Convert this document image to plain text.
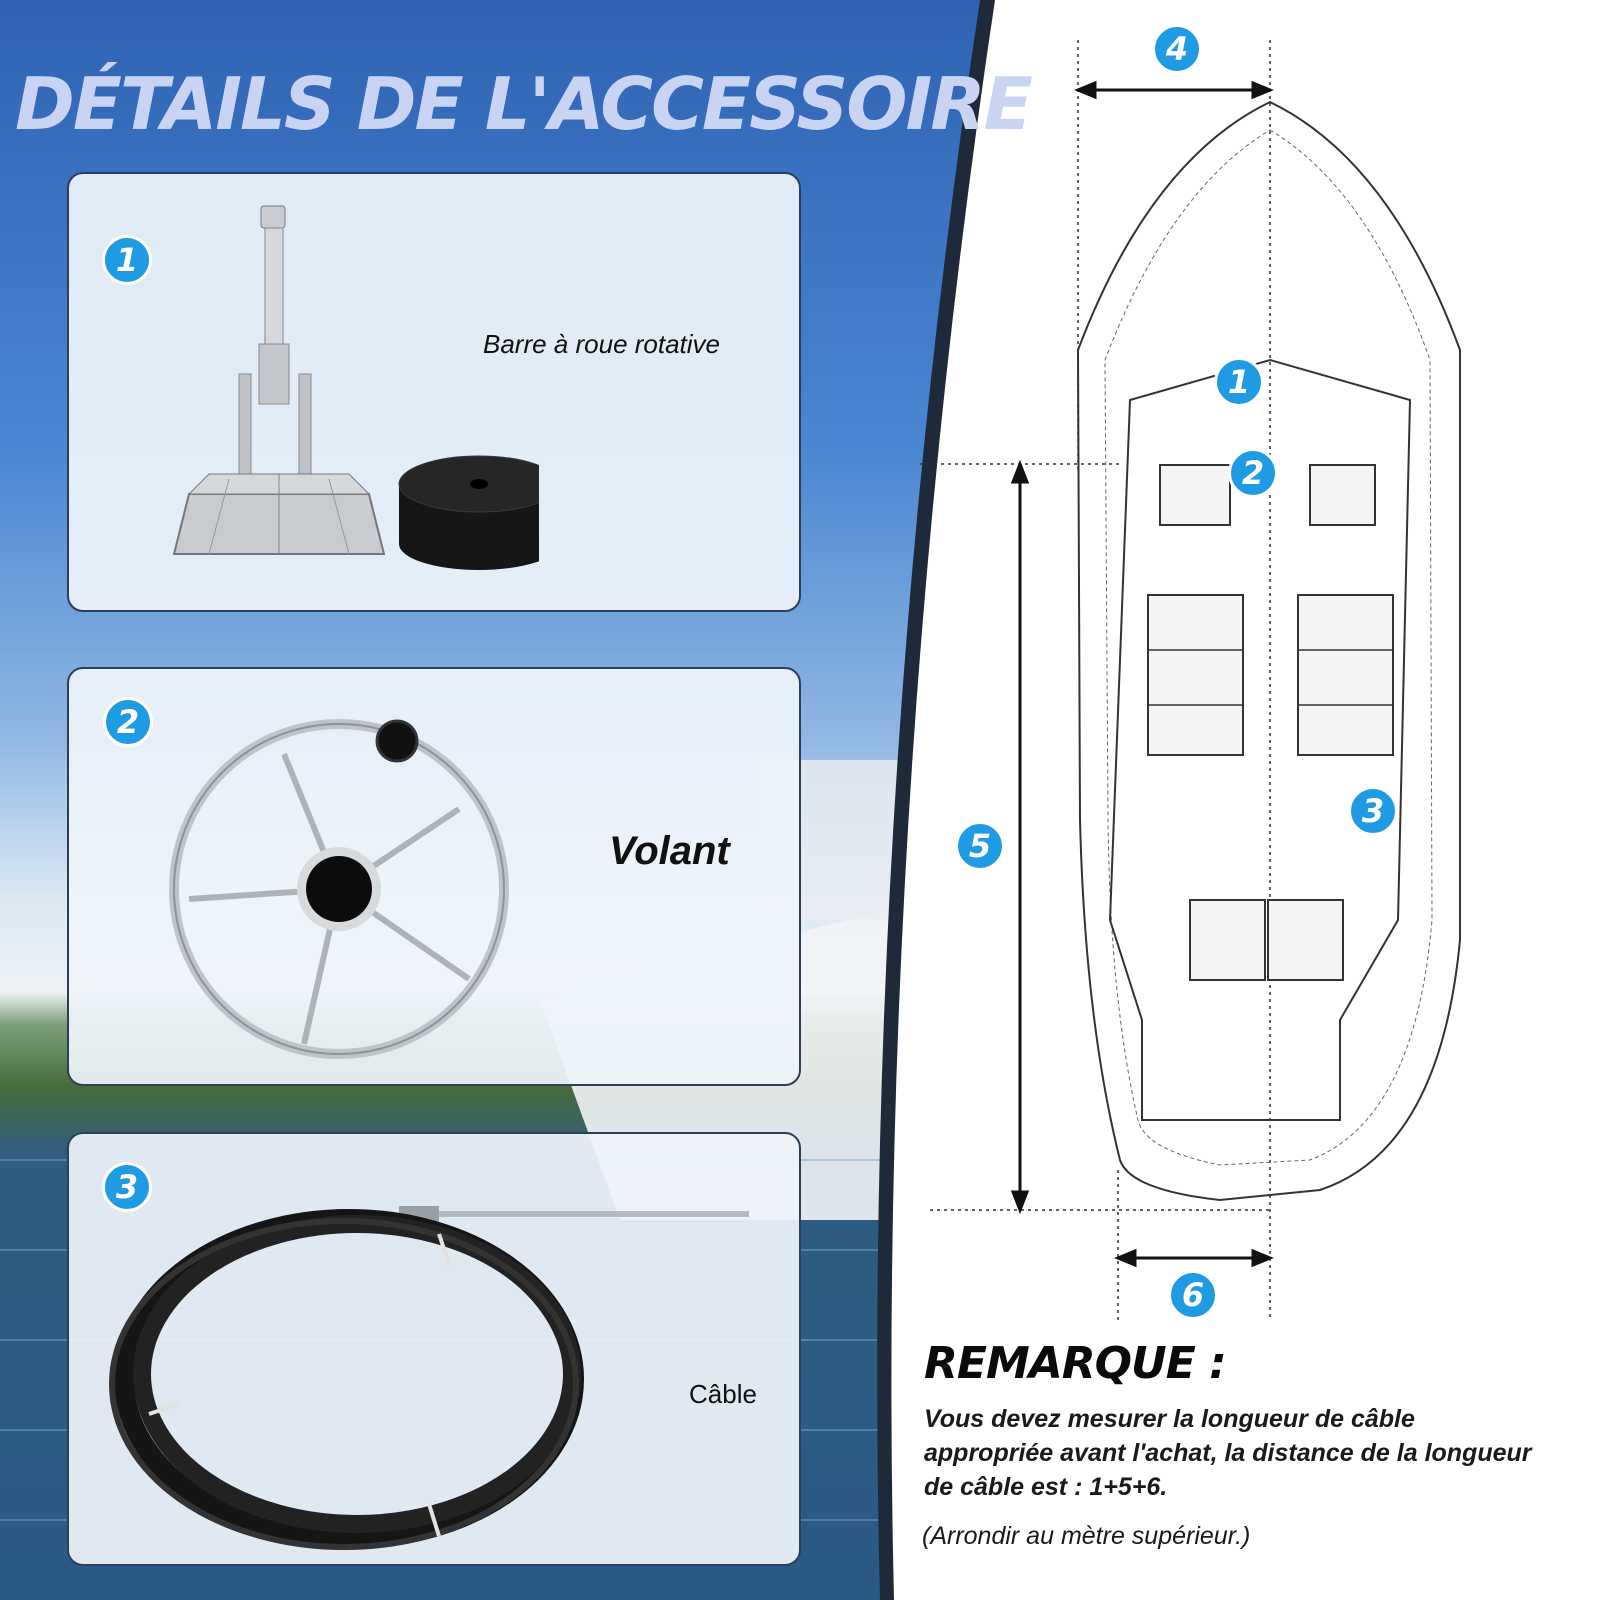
DÉTAILS DE L'ACCESSOIRE
1
Barre à roue rotative
2
Volant
3
Câble
4
1
2
3
5
6
REMARQUE :

Vous devez mesurer la longueur de câble appropriée avant l'achat, la distance de la longueur de câble est : 1+5+6.

(Arrondir au mètre supérieur.)
